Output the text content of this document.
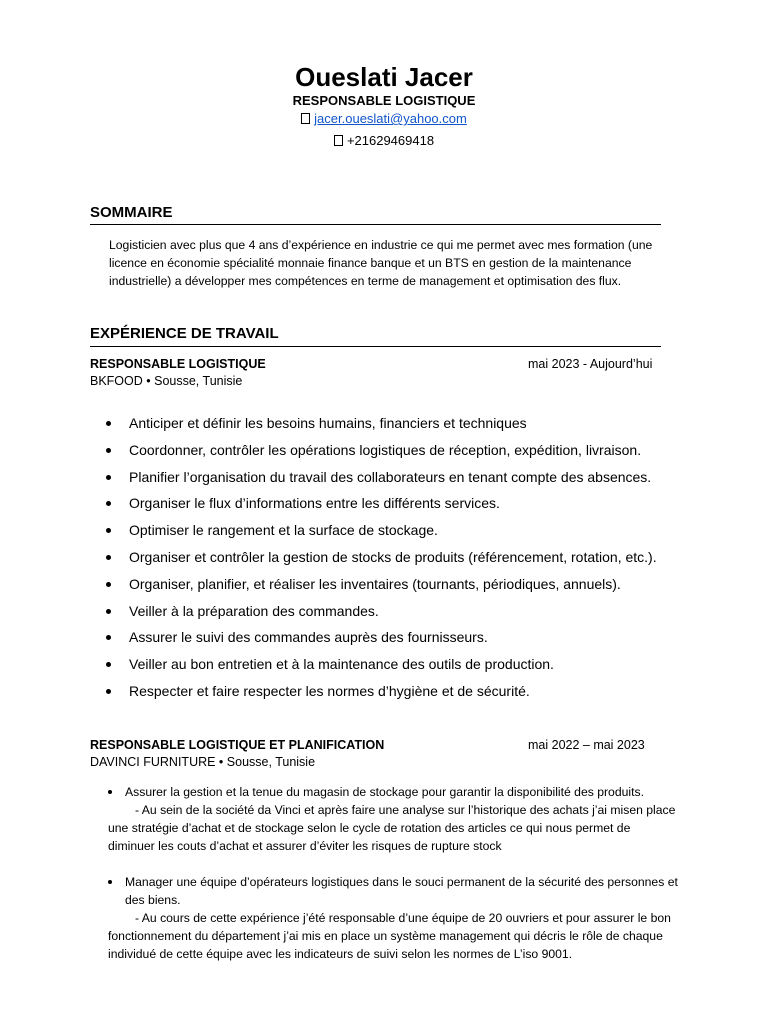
Oueslati Jacer
RESPONSABLE LOGISTIQUE
jacer.oueslati@yahoo.com
+21629469418
SOMMAIRE
Logisticien avec plus que 4 ans d’expérience en industrie ce qui me permet avec mes formation (une licence en économie spécialité monnaie finance banque et un BTS en gestion de la maintenance industrielle) a développer mes compétences en terme de management et optimisation des flux.
EXPÉRIENCE DE TRAVAIL
RESPONSABLE LOGISTIQUE	mai 2023 - Aujourd’hui
BKFOOD • Sousse, Tunisie
Anticiper et définir les besoins humains, financiers et techniques
Coordonner, contrôler les opérations logistiques de réception, expédition, livraison.
Planifier l’organisation du travail des collaborateurs en tenant compte des absences.
Organiser le flux d’informations entre les différents services.
Optimiser le rangement et la surface de stockage.
Organiser et contrôler la gestion de stocks de produits (référencement, rotation, etc.).
Organiser, planifier, et réaliser les inventaires (tournants, périodiques, annuels).
Veiller à la préparation des commandes.
Assurer le suivi des commandes auprès des fournisseurs.
Veiller au bon entretien et à la maintenance des outils de production.
Respecter et faire respecter les normes d’hygiène et de sécurité.
RESPONSABLE LOGISTIQUE ET PLANIFICATION	mai 2022 – mai 2023
DAVINCI FURNITURE • Sousse, Tunisie
Assurer la gestion et la tenue du magasin de stockage pour garantir la disponibilité des produits.
- Au sein de la société da Vinci et après faire une analyse sur l’historique des achats j’ai misen place une stratégie d’achat et de stockage selon le cycle de rotation des articles ce qui nous permet de diminuer les couts d’achat et assurer d’éviter les risques de rupture stock
Manager une équipe d’opérateurs logistiques dans le souci permanent de la sécurité des personnes et des biens.
- Au cours de cette expérience j’été responsable d’une équipe de 20 ouvriers et pour assurer le bon fonctionnement du département j’ai mis en place un système management qui décris le rôle de chaque individué de cette équipe avec les indicateurs de suivi selon les normes de L’iso 9001.
